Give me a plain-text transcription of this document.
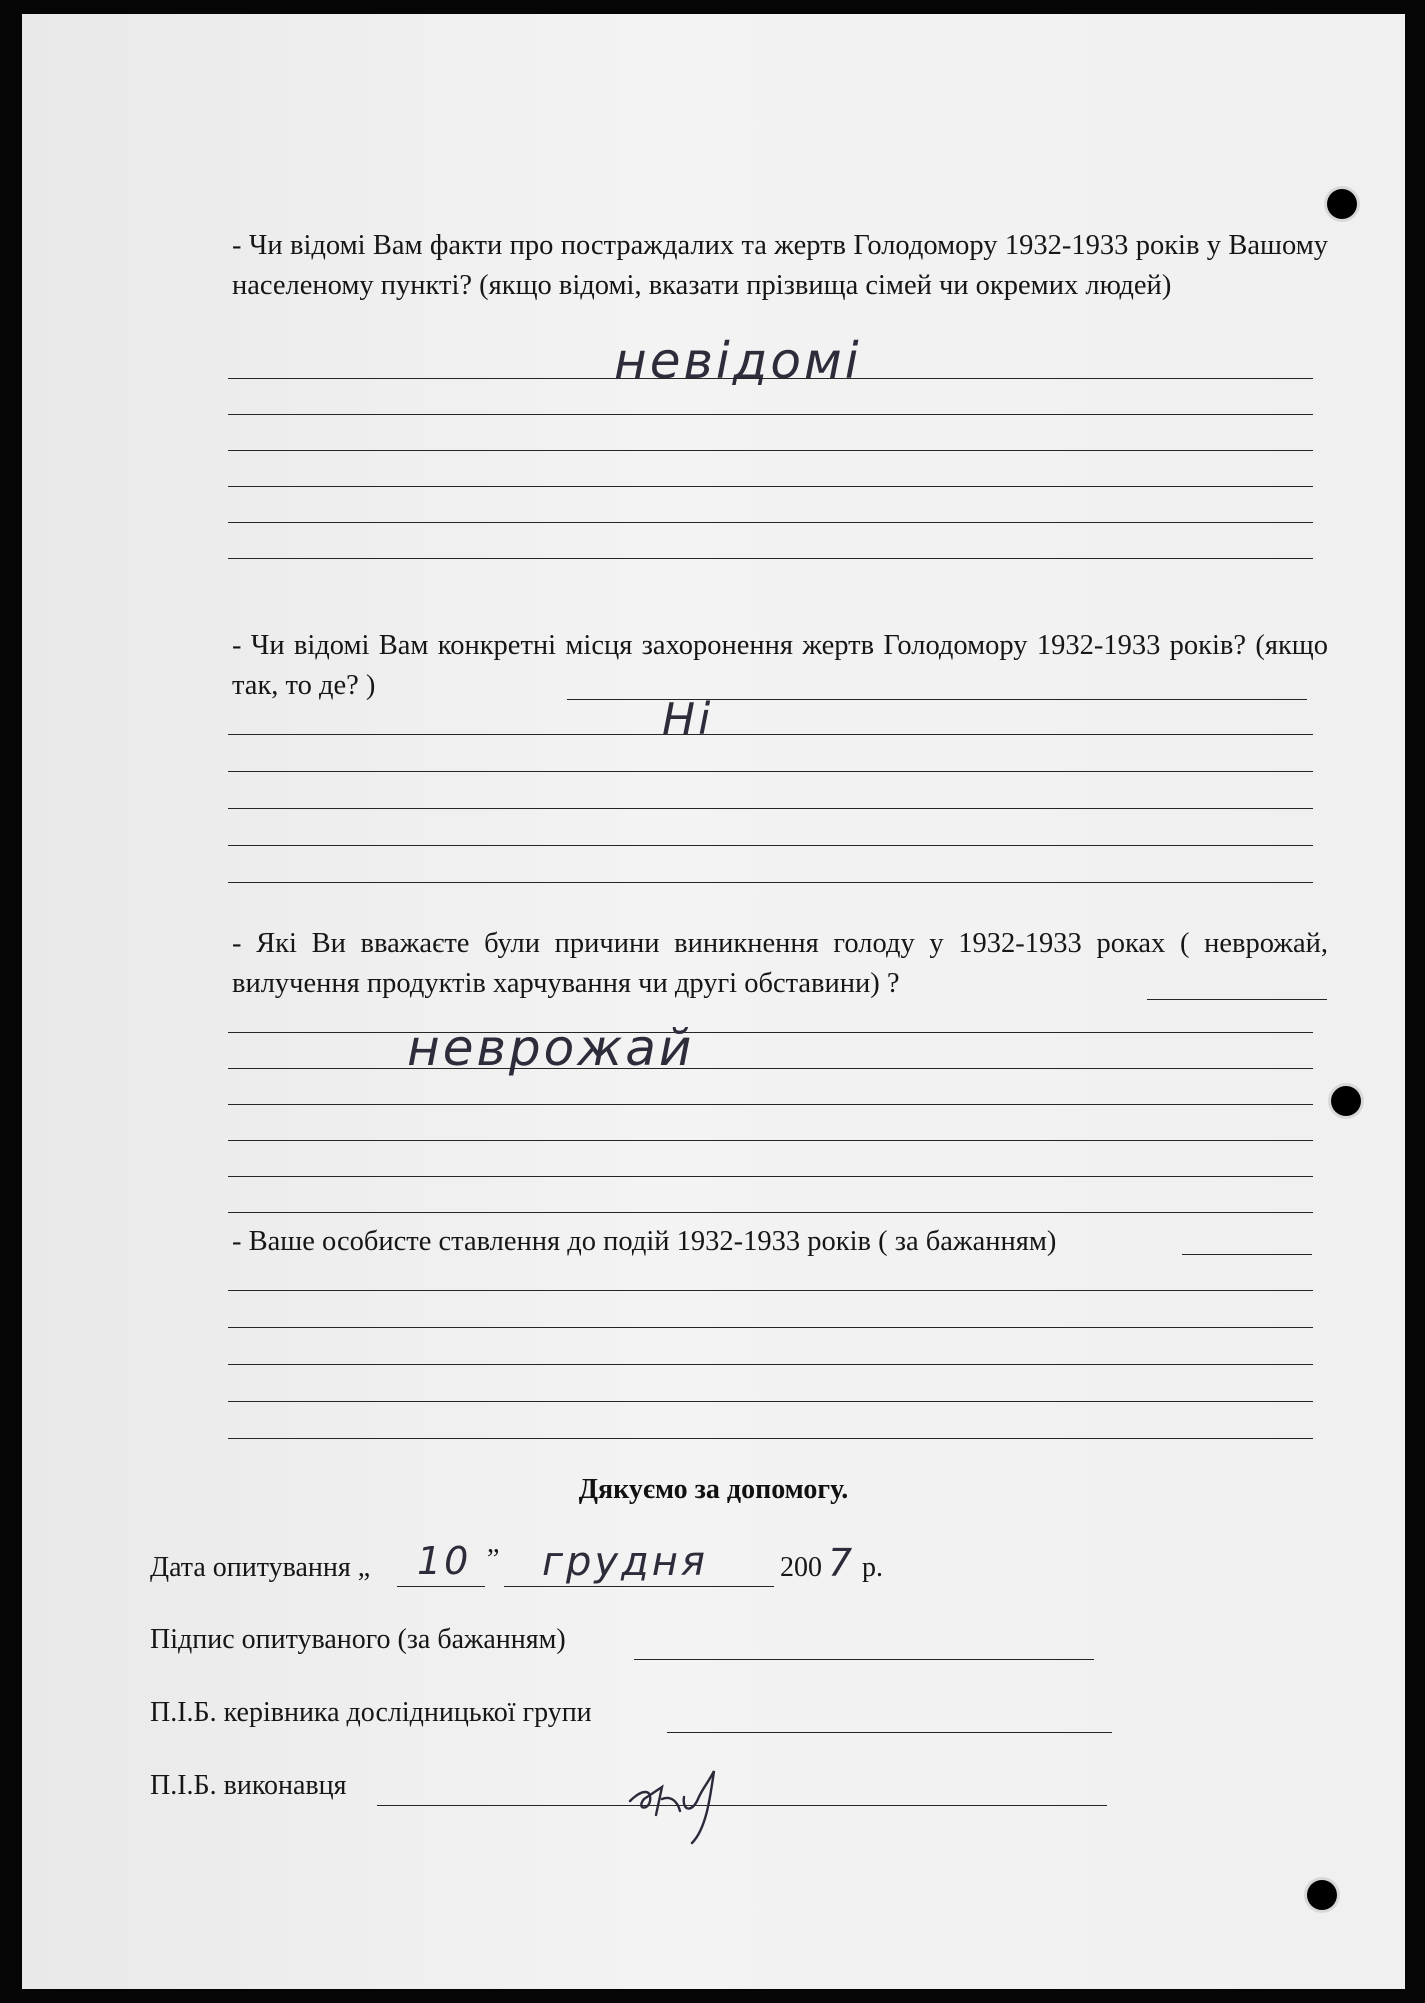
- Чи відомі Вам факти про постраждалих та жертв Голодомору 1932-1933 років у Вашому населеному пункті? (якщо відомі, вказати прізвища сімей чи окремих людей)
невідомі
- Чи відомі Вам конкретні місця захоронення жертв Голодомору 1932-1933 років? (якщо так, то де? )
Ні
- Які Ви вважаєте були причини виникнення голоду у 1932-1933 роках ( неврожай, вилучення продуктів харчування чи другі обставини) ?
неврожай
- Ваше особисте ставлення до подій 1932-1933 років ( за бажанням)
Дякуємо за допомогу.
Дата опитування „ 10 ” грудня	200 7 р.
Підпис опитуваного (за бажанням)
П.І.Б. керівника дослідницької групи
П.І.Б. виконавця
